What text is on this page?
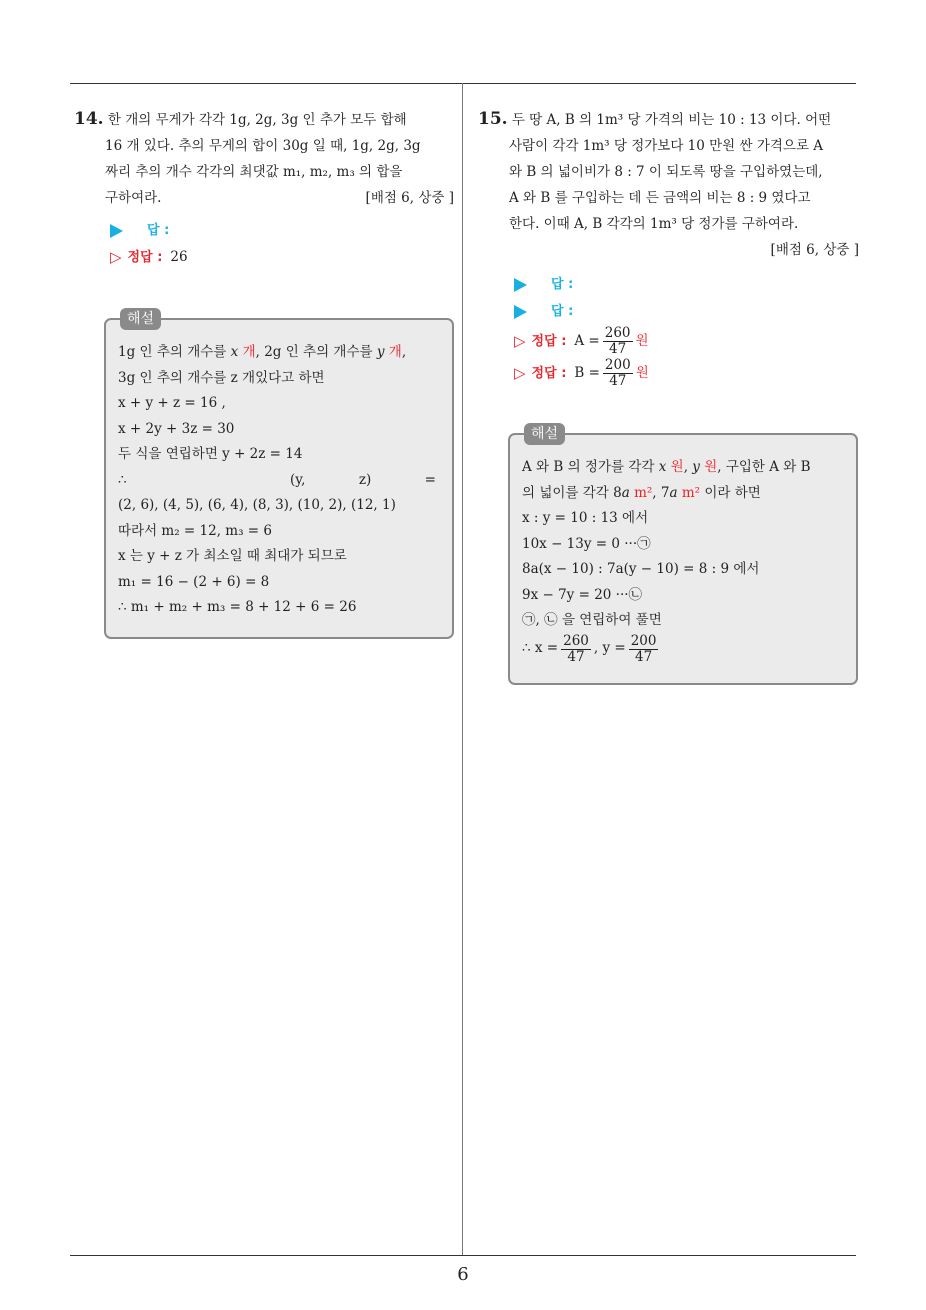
6
14. 한 개의 무게가 각각 1g, 2g, 3g 인 추가 모두 합해
16 개 있다. 추의 무게의 합이 30g 일 때, 1g, 2g, 3g
짜리 추의 개수 각각의 최댓값 m₁, m₂, m₃ 의 합을
구하여라.	[배점 6, 상중 ]
답 :
▷ 정답 : 26
해설
1g 인 추의 개수를 x 개, 2g 인 추의 개수를 y 개,
3g 인 추의 개수를 z 개있다고 하면
x + y + z = 16 ,
x + 2y + 3z = 30
두 식을 연립하면 y + 2z = 14
∴	(y,	z)	=
(2, 6), (4, 5), (6, 4), (8, 3), (10, 2), (12, 1)
따라서 m₂ = 12, m₃ = 6
x 는 y + z 가 최소일 때 최대가 되므로
m₁ = 16 − (2 + 6) = 8
∴ m₁ + m₂ + m₃ = 8 + 12 + 6 = 26
15. 두 땅 A, B 의 1m³ 당 가격의 비는 10 : 13 이다. 어떤
사람이 각각 1m³ 당 정가보다 10 만원 싼 가격으로 A
와 B 의 넓이비가 8 : 7 이 되도록 땅을 구입하였는데,
A 와 B 를 구입하는 데 든 금액의 비는 8 : 9 였다고
한다. 이때 A, B 각각의 1m³ 당 정가를 구하여라.
[배점 6, 상중 ]
답 :
답 :
▷ 정답 : $A = \frac{260}{47}$ 원
▷ 정답 : $B = \frac{200}{47}$ 원
해설
A 와 B 의 정가를 각각 x 원, y 원, 구입한 A 와 B
의 넓이를 각각 8a m², 7a m² 이라 하면
x : y = 10 : 13 에서
10x − 13y = 0 ···㉠
8a(x − 10) : 7a(y − 10) = 8 : 9 에서
9x − 7y = 20 ···㉡
㉠, ㉡ 을 연립하여 풀면
∴ $x = \frac{260}{47}$ , $y = \frac{200}{47}$
